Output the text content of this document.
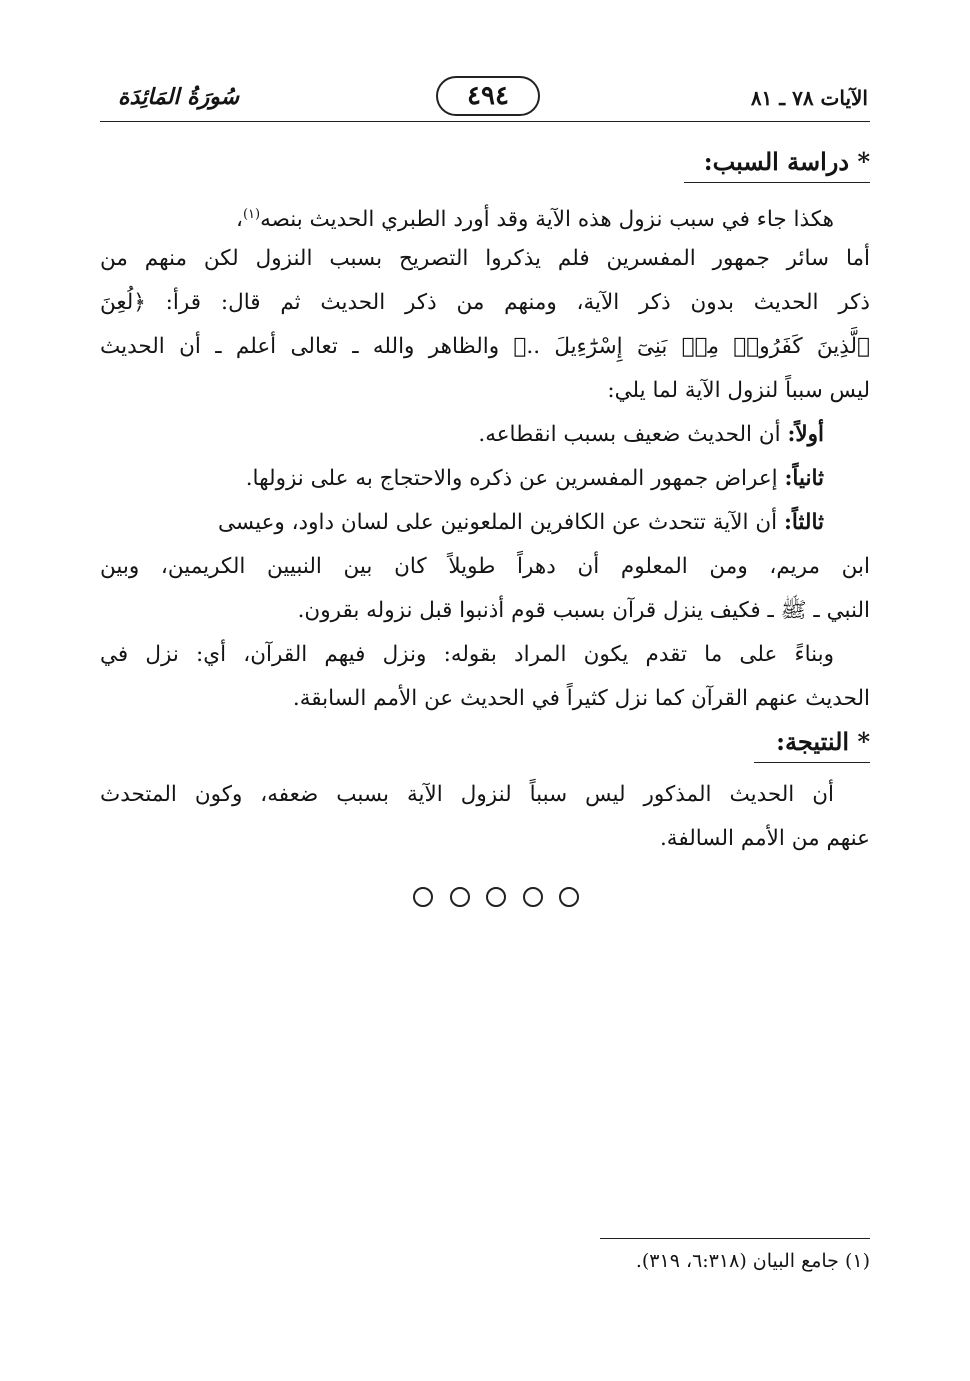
الآيات ٧٨ ـ ٨١
٤٩٤
سُورَةُ المَائِدَة
* دراسة السبب:
هكذا جاء في سبب نزول هذه الآية وقد أورد الطبري الحديث بنصه$^{(١)}$،
أما سائر جمهور المفسرين فلم يذكروا التصريح بسبب النزول لكن منهم من
ذكر الحديث بدون ذكر الآية، ومنهم من ذكر الحديث ثم قال: قرأ: ﴿لُعِنَ
ٱلَّذِينَ كَفَرُوا۟ مِنۢ بَنِىٓ إِسْرَٰٓءِيلَ ..﴾ والظاهر والله ـ تعالى أعلم ـ أن الحديث
ليس سبباً لنزول الآية لما يلي:
أولاً: أن الحديث ضعيف بسبب انقطاعه.
ثانياً: إعراض جمهور المفسرين عن ذكره والاحتجاج به على نزولها.
ثالثاً: أن الآية تتحدث عن الكافرين الملعونين على لسان داود، وعيسى
ابن مريم، ومن المعلوم أن دهراً طويلاً كان بين النبيين الكريمين، وبين
النبي ـ ﷺ ـ فكيف ينزل قرآن بسبب قوم أذنبوا قبل نزوله بقرون.
وبناءً على ما تقدم يكون المراد بقوله: ونزل فيهم القرآن، أي: نزل في
الحديث عنهم القرآن كما نزل كثيراً في الحديث عن الأمم السابقة.
* النتيجة:
أن الحديث المذكور ليس سبباً لنزول الآية بسبب ضعفه، وكون المتحدث
عنهم من الأمم السالفة.
(١) جامع البيان (٦:٣١٨، ٣١٩).
